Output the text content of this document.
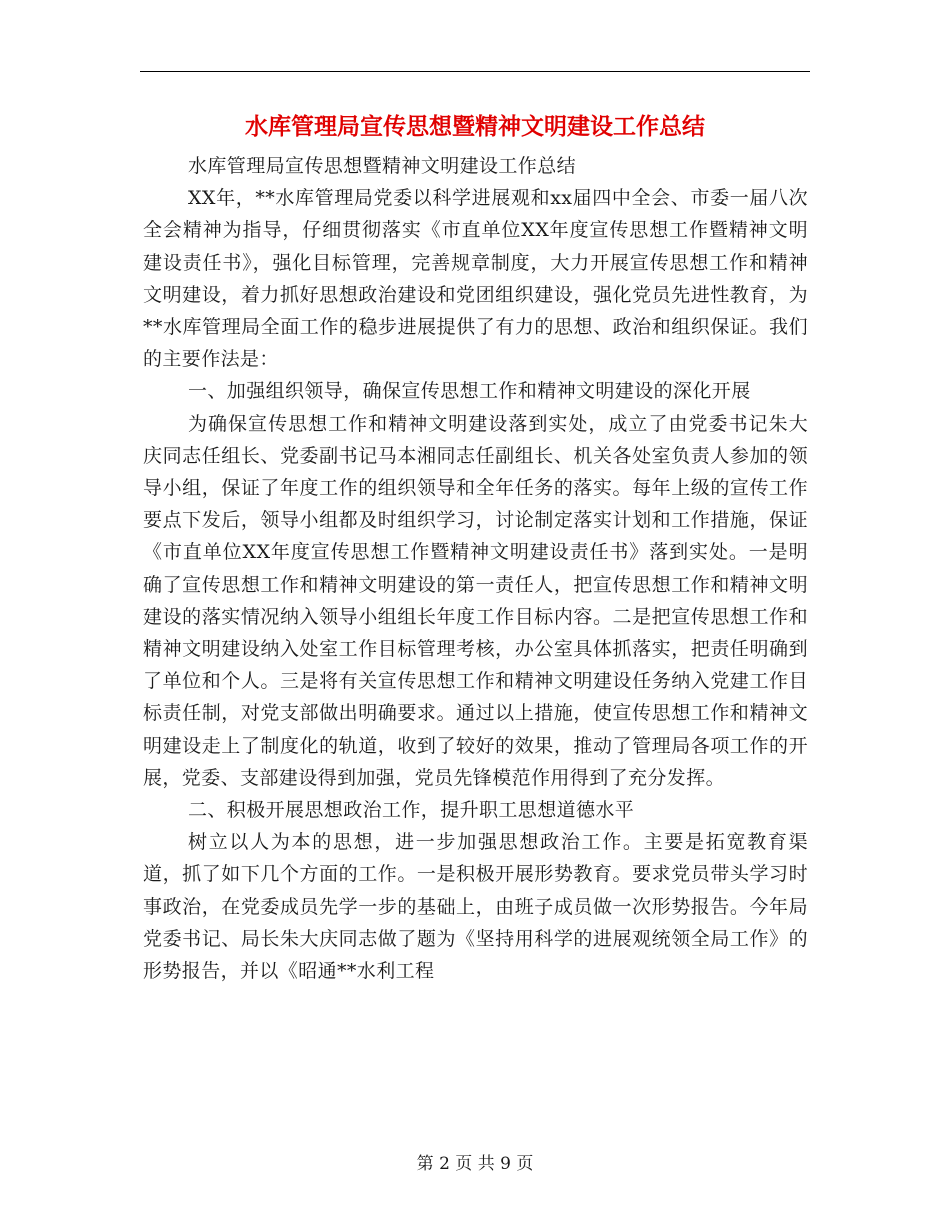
水库管理局宣传思想暨精神文明建设工作总结

水库管理局宣传思想暨精神文明建设工作总结

XX年，**水库管理局党委以科学进展观和xx届四中全会、市委一届八次全会精神为指导，仔细贯彻落实《市直单位XX年度宣传思想工作暨精神文明建设责任书》，强化目标管理，完善规章制度，大力开展宣传思想工作和精神文明建设，着力抓好思想政治建设和党团组织建设，强化党员先进性教育，为**水库管理局全面工作的稳步进展提供了有力的思想、政治和组织保证。我们的主要作法是：

一、加强组织领导，确保宣传思想工作和精神文明建设的深化开展

为确保宣传思想工作和精神文明建设落到实处，成立了由党委书记朱大庆同志任组长、党委副书记马本湘同志任副组长、机关各处室负责人参加的领导小组，保证了年度工作的组织领导和全年任务的落实。每年上级的宣传工作要点下发后，领导小组都及时组织学习，讨论制定落实计划和工作措施，保证《市直单位XX年度宣传思想工作暨精神文明建设责任书》落到实处。一是明确了宣传思想工作和精神文明建设的第一责任人，把宣传思想工作和精神文明建设的落实情况纳入领导小组组长年度工作目标内容。二是把宣传思想工作和精神文明建设纳入处室工作目标管理考核，办公室具体抓落实，把责任明确到了单位和个人。三是将有关宣传思想工作和精神文明建设任务纳入党建工作目标责任制，对党支部做出明确要求。通过以上措施，使宣传思想工作和精神文明建设走上了制度化的轨道，收到了较好的效果，推动了管理局各项工作的开展，党委、支部建设得到加强，党员先锋模范作用得到了充分发挥。

二、积极开展思想政治工作，提升职工思想道德水平

树立以人为本的思想，进一步加强思想政治工作。主要是拓宽教育渠道，抓了如下几个方面的工作。一是积极开展形势教育。要求党员带头学习时事政治，在党委成员先学一步的基础上，由班子成员做一次形势报告。今年局党委书记、局长朱大庆同志做了题为《坚持用科学的进展观统领全局工作》的形势报告，并以《昭通**水利工程

第 2 页 共 9 页
